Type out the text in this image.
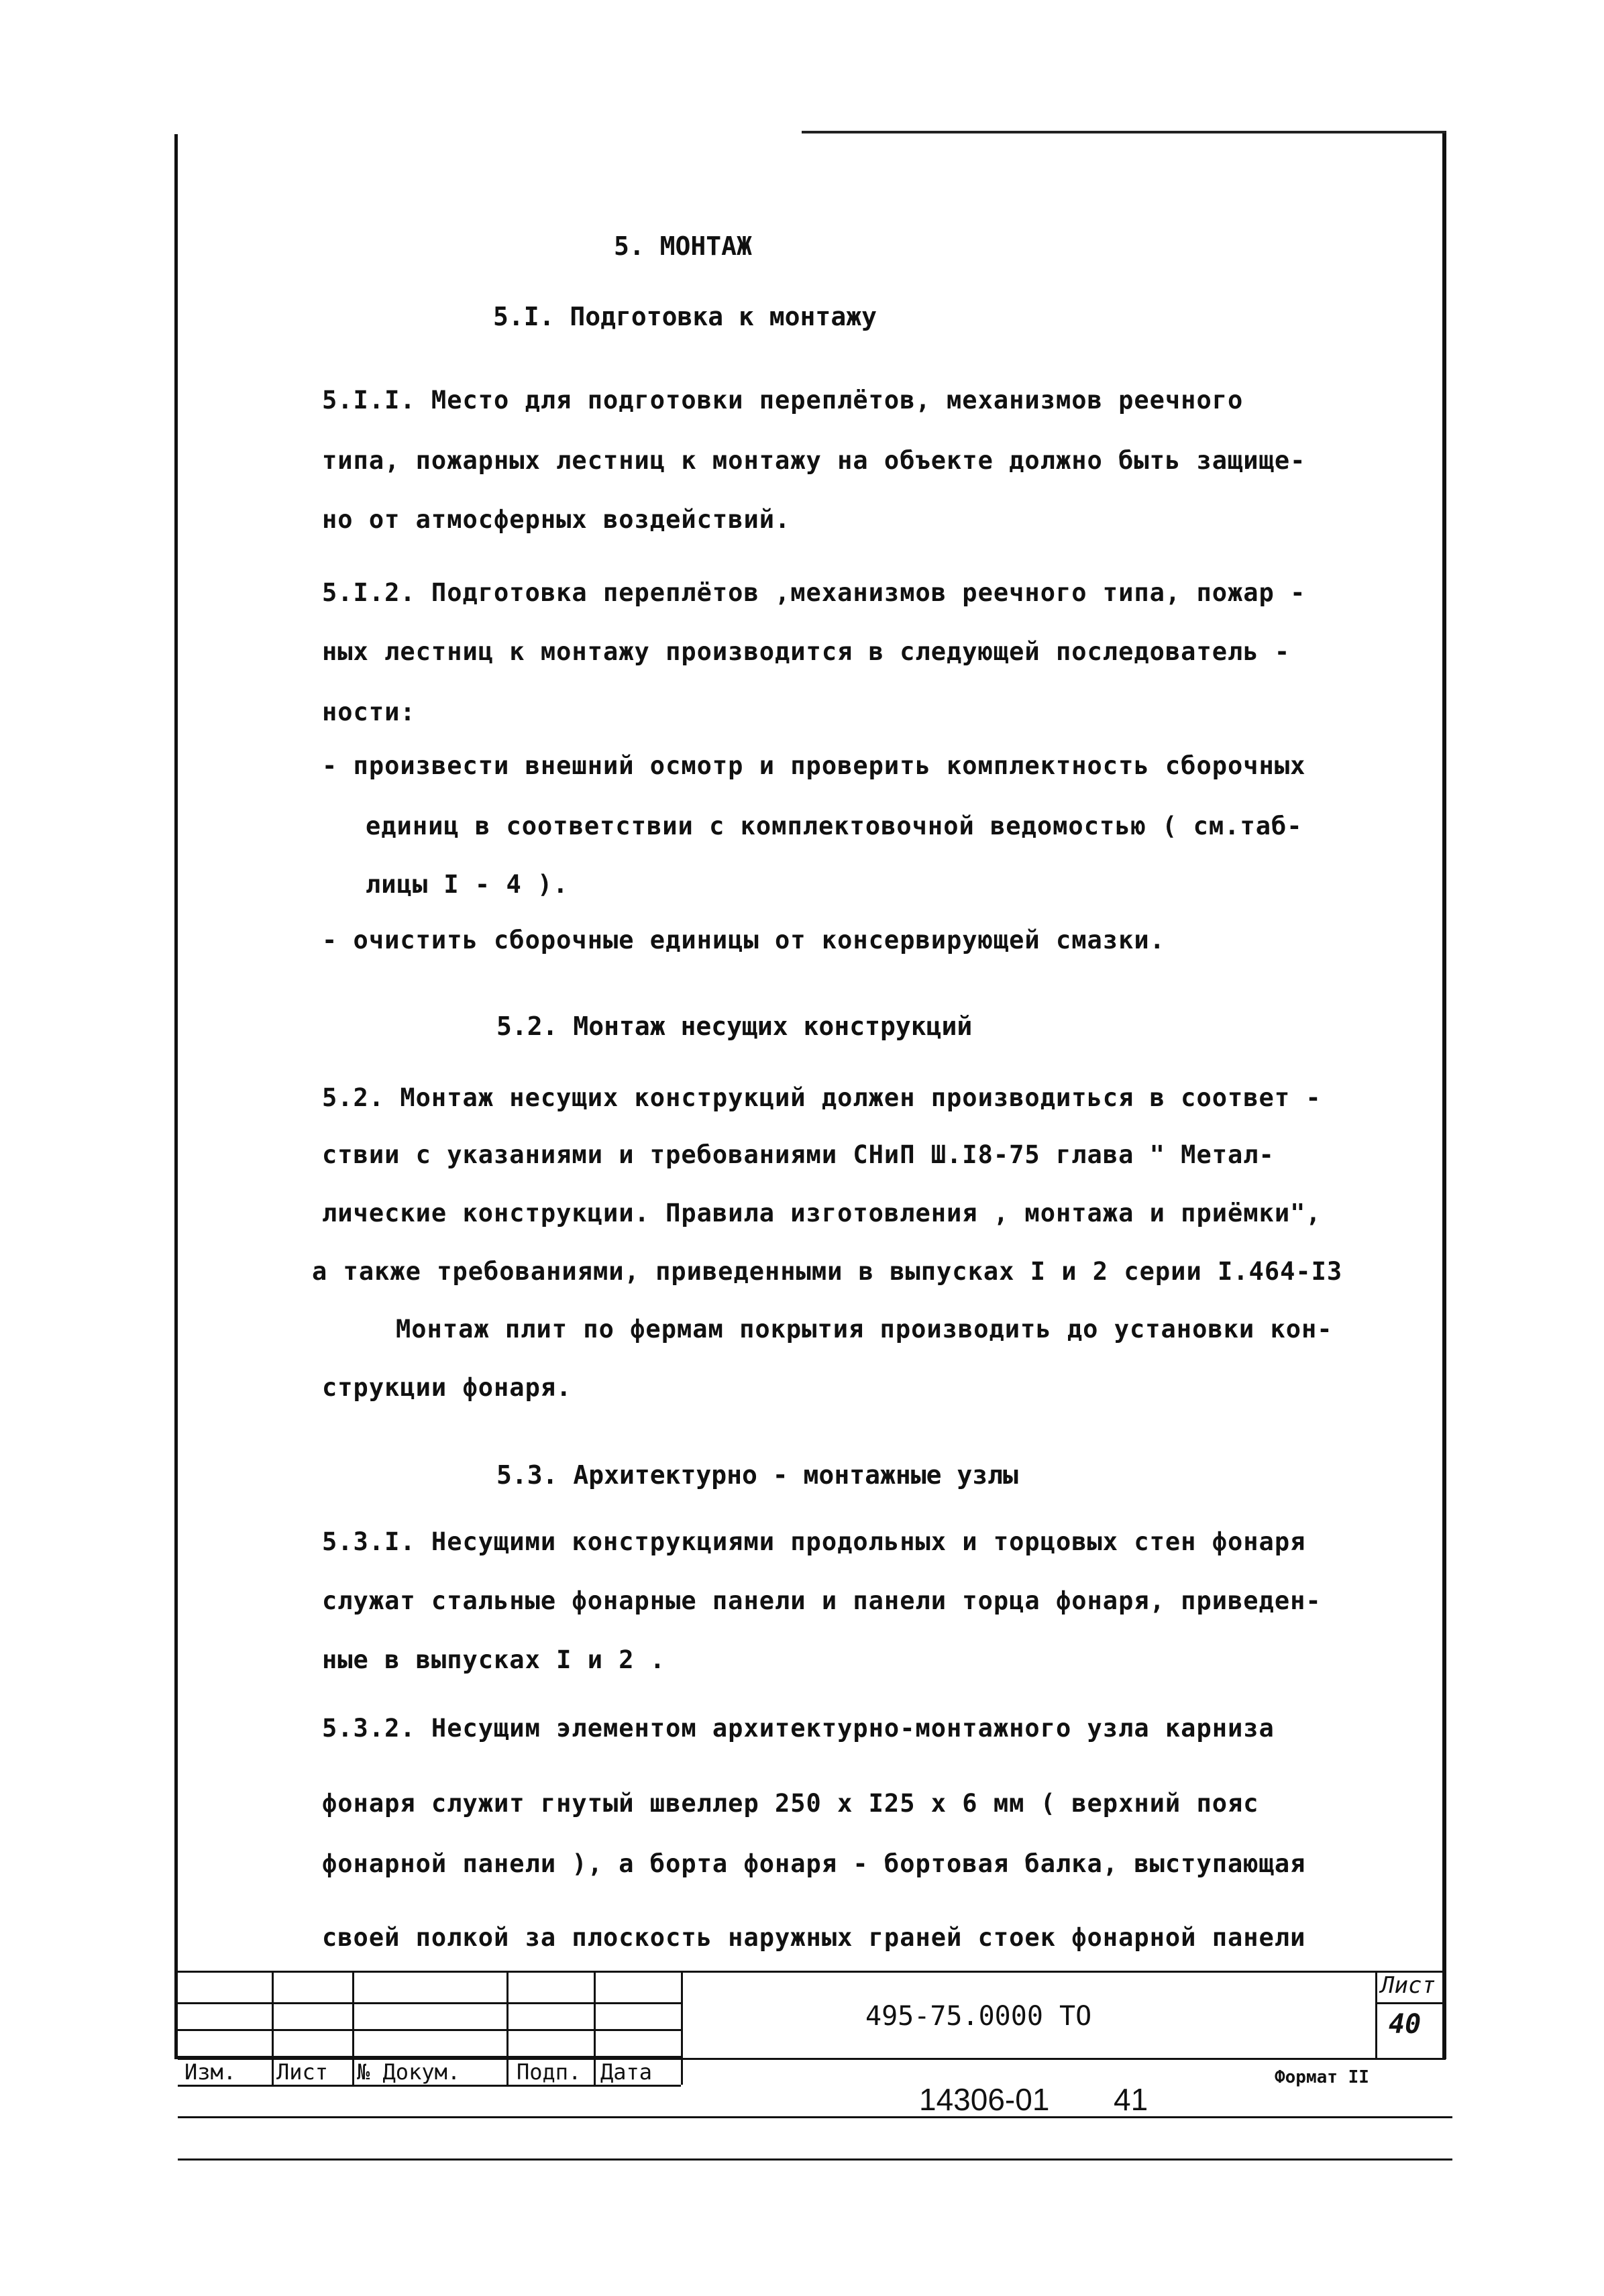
5. МОНТАЖ
5.I. Подготовка к монтажу
5.I.I. Место для подготовки переплётов, механизмов реечного
типа, пожарных лестниц к монтажу на объекте должно быть защище-
но от атмосферных воздействий.
5.I.2. Подготовка переплётов ,механизмов реечного типа, пожар -
ных лестниц к монтажу производится в следующей последователь -
ности:
- произвести внешний осмотр и проверить комплектность сборочных
единиц в соответствии с комплектовочной ведомостью ( см.таб-
лицы I - 4 ).
- очистить сборочные единицы от консервирующей смазки.
5.2. Монтаж несущих конструкций
5.2. Монтаж несущих конструкций должен производиться в соответ -
ствии с указаниями и требованиями СНиП Ш.I8-75 глава " Метал-
лические конструкции. Правила изготовления , монтажа и приёмки",
а также требованиями, приведенными в выпусках I и 2 серии I.464-I3
Монтаж плит по фермам покрытия производить до установки кон-
струкции фонаря.
5.3. Архитектурно - монтажные узлы
5.3.I. Несущими конструкциями продольных и торцовых стен фонаря
служат стальные фонарные панели и панели торца фонаря, приведен-
ные в выпусках I и 2 .
5.3.2. Несущим элементом архитектурно-монтажного узла карниза
фонаря служит гнутый швеллер 250 х I25 х 6 мм ( верхний пояс
фонарной панели ), а борта фонаря - бортовая балка, выступающая
своей полкой за плоскость наружных граней стоек фонарной панели
Изм. Лист № Докум.	Подп. Дата
495-75.0000 ТО
Лист
40
Формат II
14306-01 41
